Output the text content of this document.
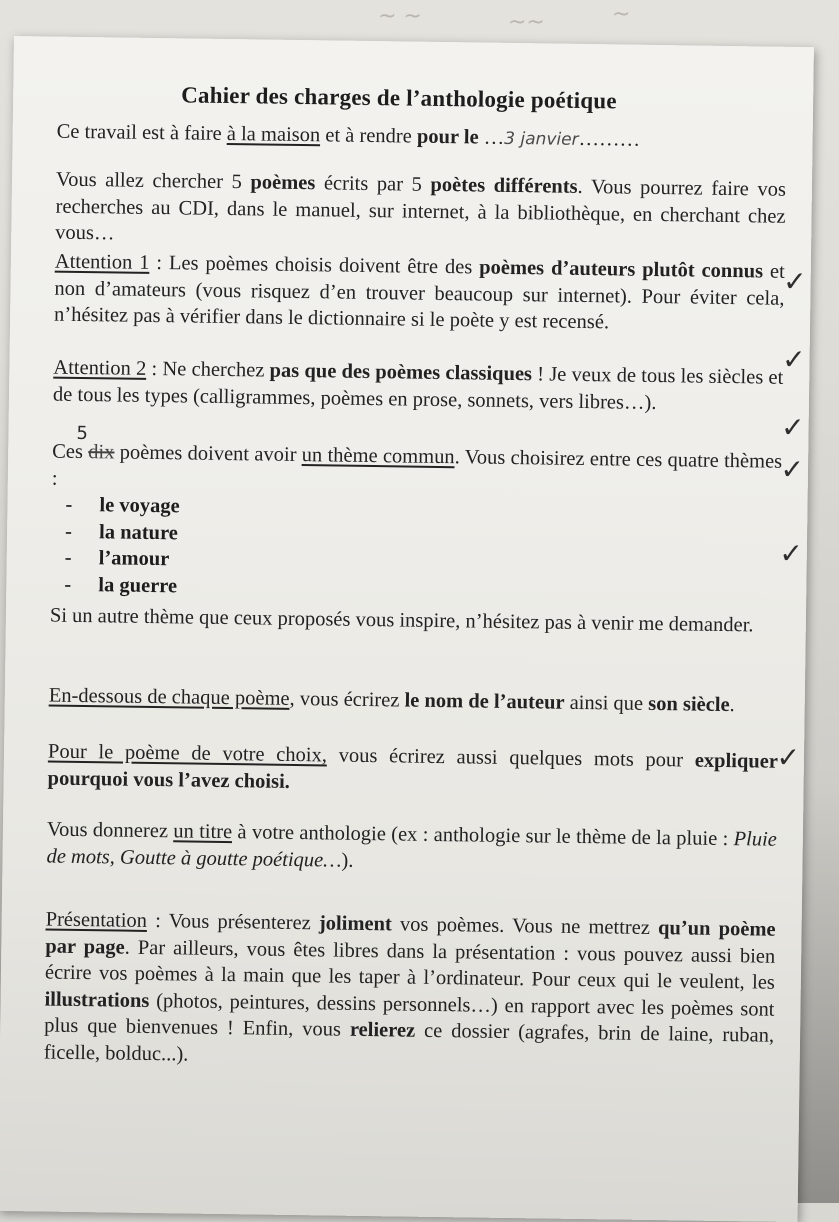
~ ~	~~	~
Cahier des charges de l’anthologie poétique

Ce travail est à faire à la maison et à rendre pour le …3 janvier………

Vous allez chercher 5 poèmes écrits par 5 poètes différents. Vous pourrez faire vos recherches au CDI, dans le manuel, sur internet, à la bibliothèque, en cherchant chez vous…

Attention 1 : Les poèmes choisis doivent être des poèmes d’auteurs plutôt connus et non d’amateurs (vous risquez d’en trouver beaucoup sur internet). Pour éviter cela, n’hésitez pas à vérifier dans le dictionnaire si le poète y est recensé.

Attention 2 : Ne cherchez pas que des poèmes classiques ! Je veux de tous les siècles et de tous les types (calligrammes, poèmes en prose, sonnets, vers libres…).

5
Ces dix poèmes doivent avoir un thème commun. Vous choisirez entre ces quatre thèmes :

- le voyage
- la nature
- l’amour
- la guerre

Si un autre thème que ceux proposés vous inspire, n’hésitez pas à venir me demander.

En-dessous de chaque poème, vous écrirez le nom de l’auteur ainsi que son siècle.

Pour le poème de votre choix, vous écrirez aussi quelques mots pour expliquer pourquoi vous l’avez choisi.

Vous donnerez un titre à votre anthologie (ex : anthologie sur le thème de la pluie : Pluie de mots, Goutte à goutte poétique…).

Présentation : Vous présenterez joliment vos poèmes. Vous ne mettrez qu’un poème par page. Par ailleurs, vous êtes libres dans la présentation : vous pouvez aussi bien écrire vos poèmes à la main que les taper à l’ordinateur. Pour ceux qui le veulent, les illustrations (photos, peintures, dessins personnels…) en rapport avec les poèmes sont plus que bienvenues ! Enfin, vous relierez ce dossier (agrafes, brin de laine, ruban, ficelle, bolduc...).

✓
✓
✓
✓
✓
✓
